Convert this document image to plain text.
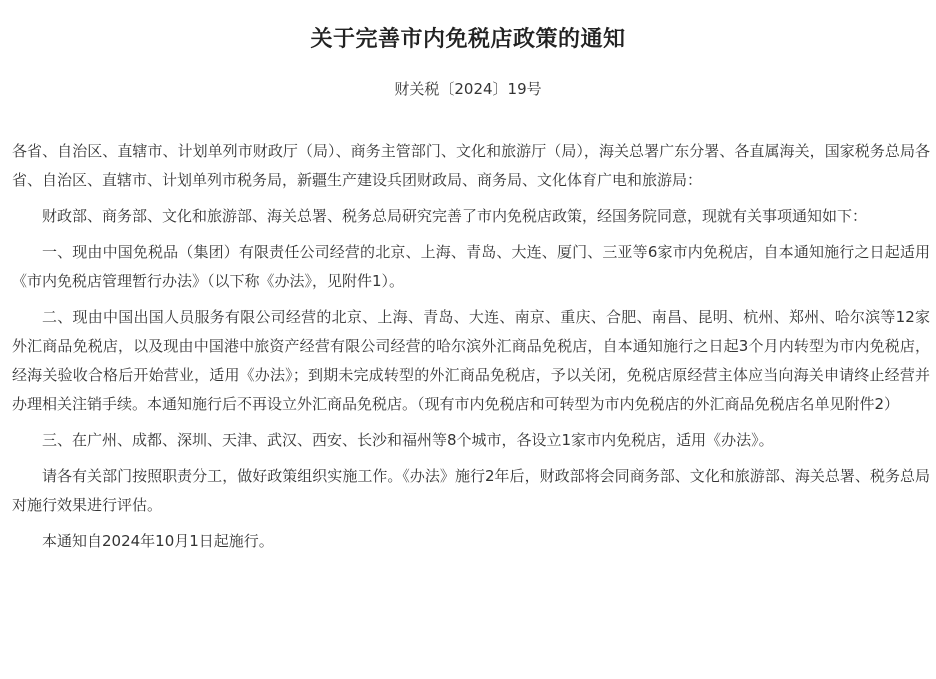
关于完善市内免税店政策的通知
财关税〔2024〕19号

各省、自治区、直辖市、计划单列市财政厅（局）、商务主管部门、文化和旅游厅（局），海关总署广东分署、各直属海关，国家税务总局各省、自治区、直辖市、计划单列市税务局，新疆生产建设兵团财政局、商务局、文化体育广电和旅游局：

财政部、商务部、文化和旅游部、海关总署、税务总局研究完善了市内免税店政策，经国务院同意，现就有关事项通知如下：

一、现由中国免税品（集团）有限责任公司经营的北京、上海、青岛、大连、厦门、三亚等6家市内免税店，自本通知施行之日起适用《市内免税店管理暂行办法》（以下称《办法》，见附件1）。

二、现由中国出国人员服务有限公司经营的北京、上海、青岛、大连、南京、重庆、合肥、南昌、昆明、杭州、郑州、哈尔滨等12家外汇商品免税店，以及现由中国港中旅资产经营有限公司经营的哈尔滨外汇商品免税店，自本通知施行之日起3个月内转型为市内免税店，经海关验收合格后开始营业，适用《办法》；到期未完成转型的外汇商品免税店，予以关闭，免税店原经营主体应当向海关申请终止经营并办理相关注销手续。本通知施行后不再设立外汇商品免税店。（现有市内免税店和可转型为市内免税店的外汇商品免税店名单见附件2）

三、在广州、成都、深圳、天津、武汉、西安、长沙和福州等8个城市，各设立1家市内免税店，适用《办法》。

请各有关部门按照职责分工，做好政策组织实施工作。《办法》施行2年后，财政部将会同商务部、文化和旅游部、海关总署、税务总局对施行效果进行评估。

本通知自2024年10月1日起施行。
